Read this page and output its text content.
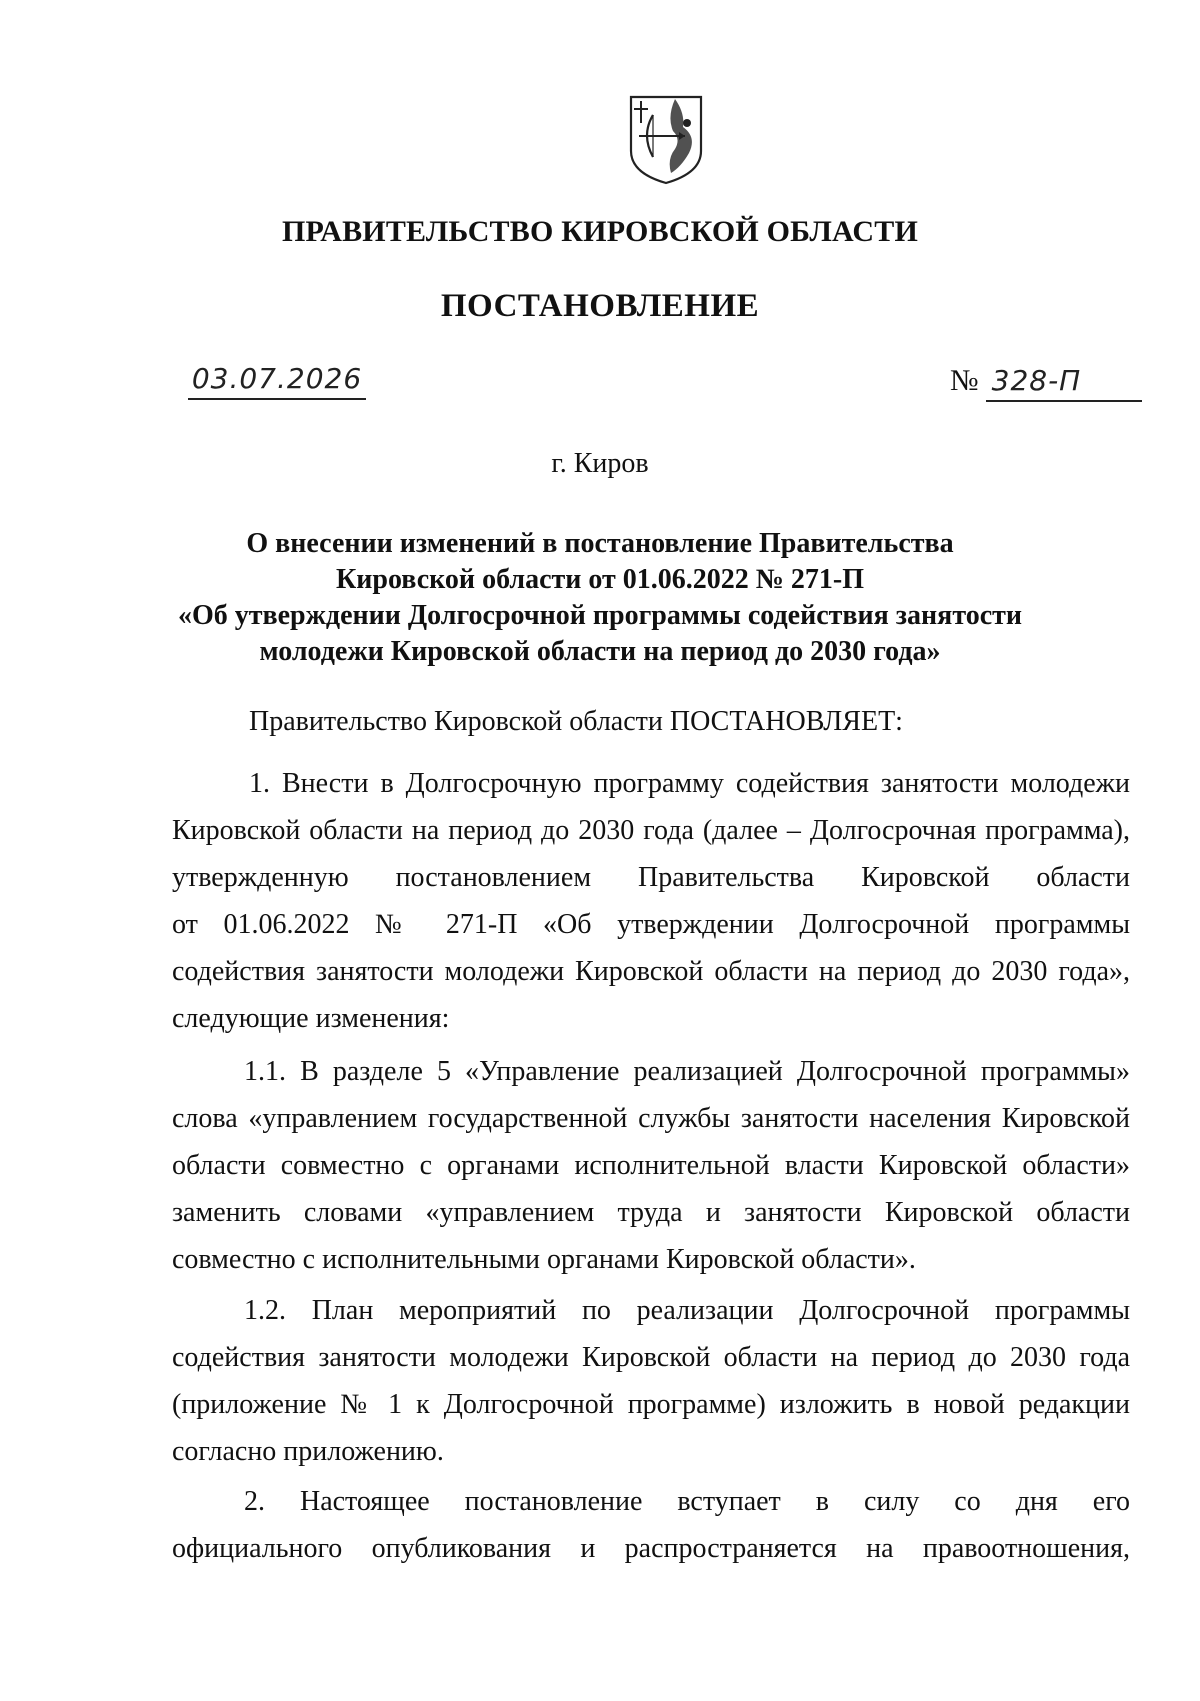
ПРАВИТЕЛЬСТВО КИРОВСКОЙ ОБЛАСТИ
ПОСТАНОВЛЕНИЕ
03.07.2026	№ 328-П
г. Киров
О внесении изменений в постановление Правительства
Кировской области от 01.06.2022 № 271-П
«Об утверждении Долгосрочной программы содействия занятости
молодежи Кировской области на период до 2030 года»
Правительство Кировской области ПОСТАНОВЛЯЕТ:
1. Внести в Долгосрочную программу содействия занятости молодежи
Кировской области на период до 2030 года (далее – Долгосрочная программа),
утвержденную постановлением Правительства Кировской области
от 01.06.2022 № 271-П «Об утверждении Долгосрочной программы
содействия занятости молодежи Кировской области на период до 2030 года»,
следующие изменения:
1.1. В разделе 5 «Управление реализацией Долгосрочной программы»
слова «управлением государственной службы занятости населения Кировской
области совместно с органами исполнительной власти Кировской области»
заменить словами «управлением труда и занятости Кировской области
совместно с исполнительными органами Кировской области».
1.2. План мероприятий по реализации Долгосрочной программы
содействия занятости молодежи Кировской области на период до 2030 года
(приложение № 1 к Долгосрочной программе) изложить в новой редакции
согласно приложению.
2. Настоящее постановление вступает в силу со дня его
официального опубликования и распространяется на правоотношения,
